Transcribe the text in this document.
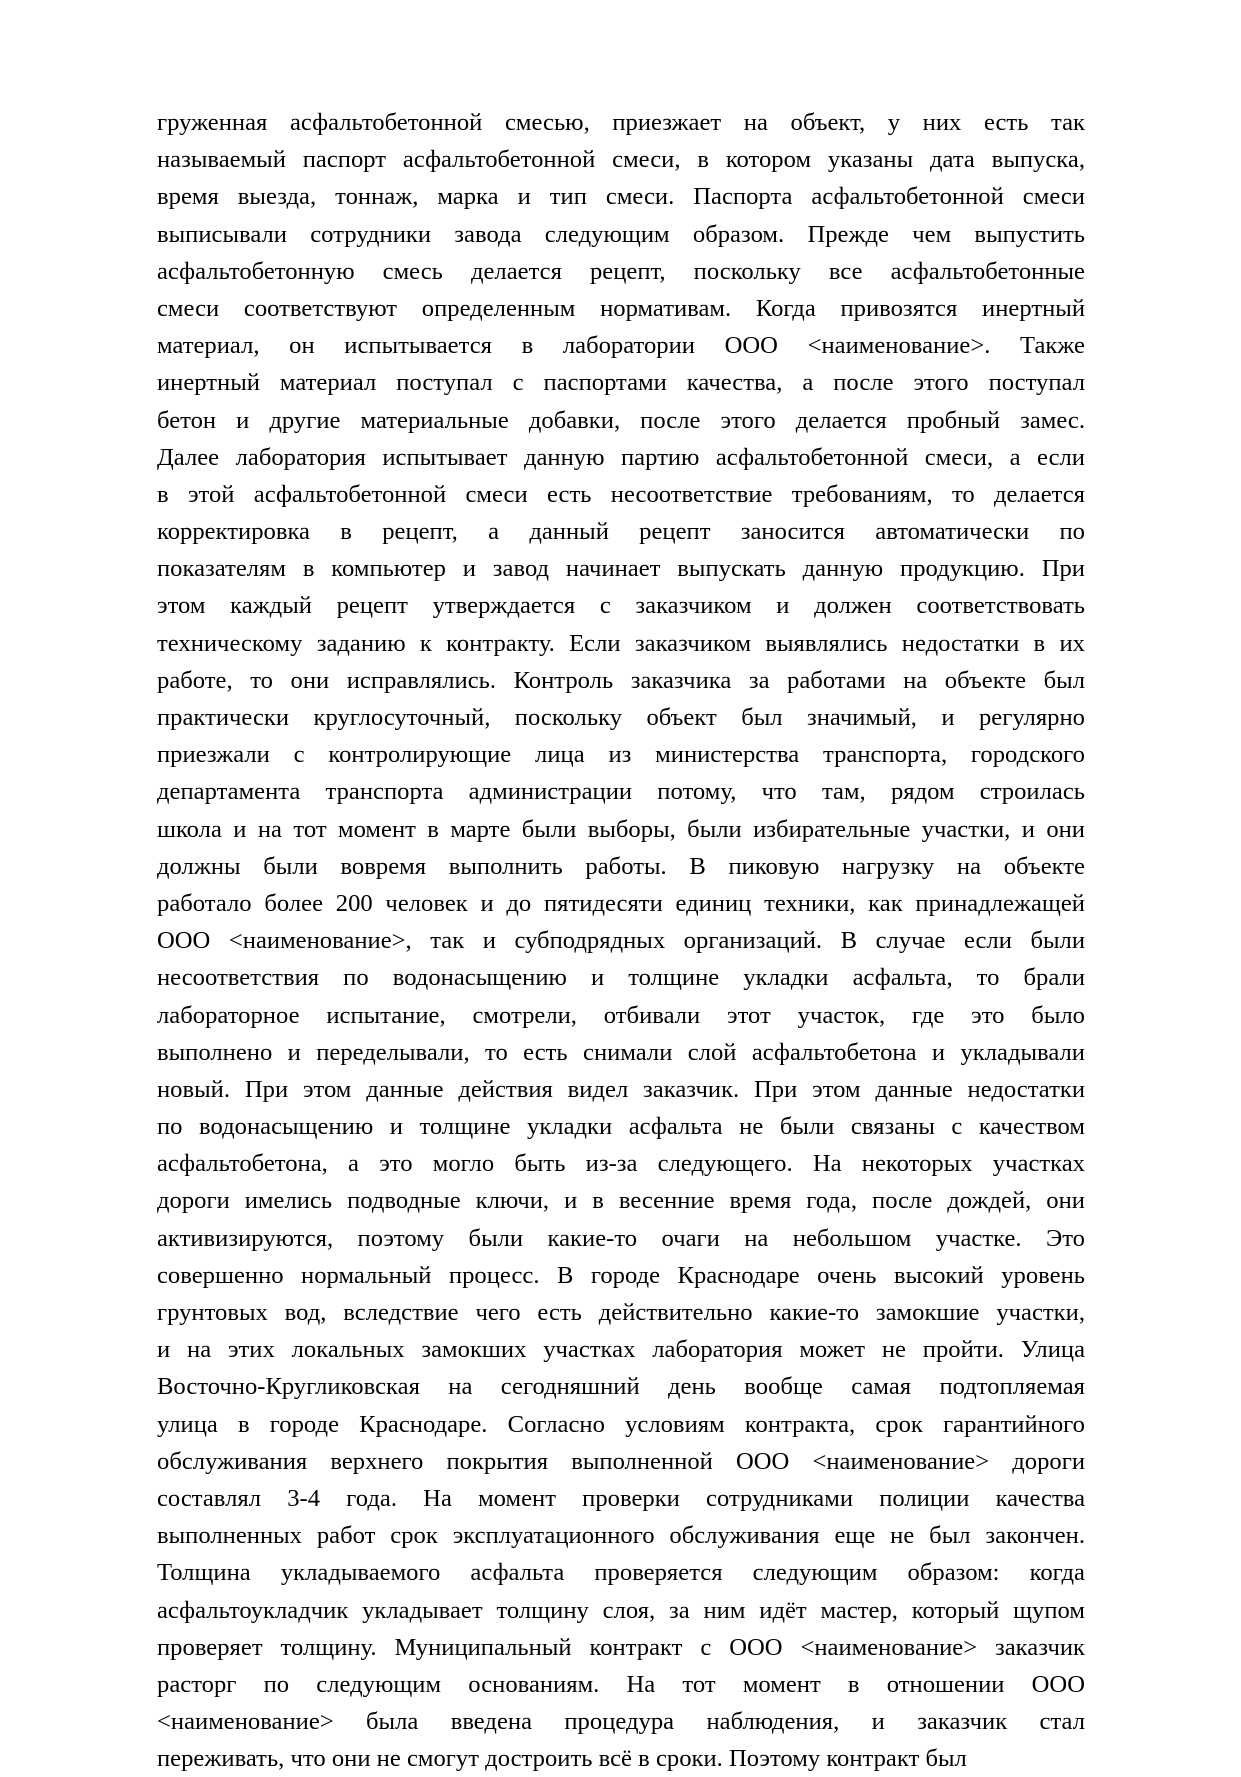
груженная асфальтобетонной смесью, приезжает на объект, у них есть так
называемый паспорт асфальтобетонной смеси, в котором указаны дата выпуска,
время выезда, тоннаж, марка и тип смеси. Паспорта асфальтобетонной смеси
выписывали сотрудники завода следующим образом. Прежде чем выпустить
асфальтобетонную смесь делается рецепт, поскольку все асфальтобетонные
смеси соответствуют определенным нормативам. Когда привозятся инертный
материал, он испытывается в лаборатории ООО <наименование>. Также
инертный материал поступал с паспортами качества, а после этого поступал
бетон и другие материальные добавки, после этого делается пробный замес.
Далее лаборатория испытывает данную партию асфальтобетонной смеси, а если
в этой асфальтобетонной смеси есть несоответствие требованиям, то делается
корректировка в рецепт, а данный рецепт заносится автоматически по
показателям в компьютер и завод начинает выпускать данную продукцию. При
этом каждый рецепт утверждается с заказчиком и должен соответствовать
техническому заданию к контракту. Если заказчиком выявлялись недостатки в их
работе, то они исправлялись. Контроль заказчика за работами на объекте был
практически круглосуточный, поскольку объект был значимый, и регулярно
приезжали с контролирующие лица из министерства транспорта, городского
департамента транспорта администрации потому, что там, рядом строилась
школа и на тот момент в марте были выборы, были избирательные участки, и они
должны были вовремя выполнить работы. В пиковую нагрузку на объекте
работало более 200 человек и до пятидесяти единиц техники, как принадлежащей
ООО <наименование>, так и субподрядных организаций. В случае если были
несоответствия по водонасыщению и толщине укладки асфальта, то брали
лабораторное испытание, смотрели, отбивали этот участок, где это было
выполнено и переделывали, то есть снимали слой асфальтобетона и укладывали
новый. При этом данные действия видел заказчик. При этом данные недостатки
по водонасыщению и толщине укладки асфальта не были связаны с качеством
асфальтобетона, а это могло быть из-за следующего. На некоторых участках
дороги имелись подводные ключи, и в весенние время года, после дождей, они
активизируются, поэтому были какие-то очаги на небольшом участке. Это
совершенно нормальный процесс. В городе Краснодаре очень высокий уровень
грунтовых вод, вследствие чего есть действительно какие-то замокшие участки,
и на этих локальных замокших участках лаборатория может не пройти. Улица
Восточно-Кругликовская на сегодняшний день вообще самая подтопляемая
улица в городе Краснодаре. Согласно условиям контракта, срок гарантийного
обслуживания верхнего покрытия выполненной ООО <наименование> дороги
составлял 3-4 года. На момент проверки сотрудниками полиции качества
выполненных работ срок эксплуатационного обслуживания еще не был закончен.
Толщина укладываемого асфальта проверяется следующим образом: когда
асфальтоукладчик укладывает толщину слоя, за ним идёт мастер, который щупом
проверяет толщину. Муниципальный контракт с ООО <наименование> заказчик
расторг по следующим основаниям. На тот момент в отношении ООО
<наименование> была введена процедура наблюдения, и заказчик стал
переживать, что они не смогут достроить всё в сроки. Поэтому контракт был
